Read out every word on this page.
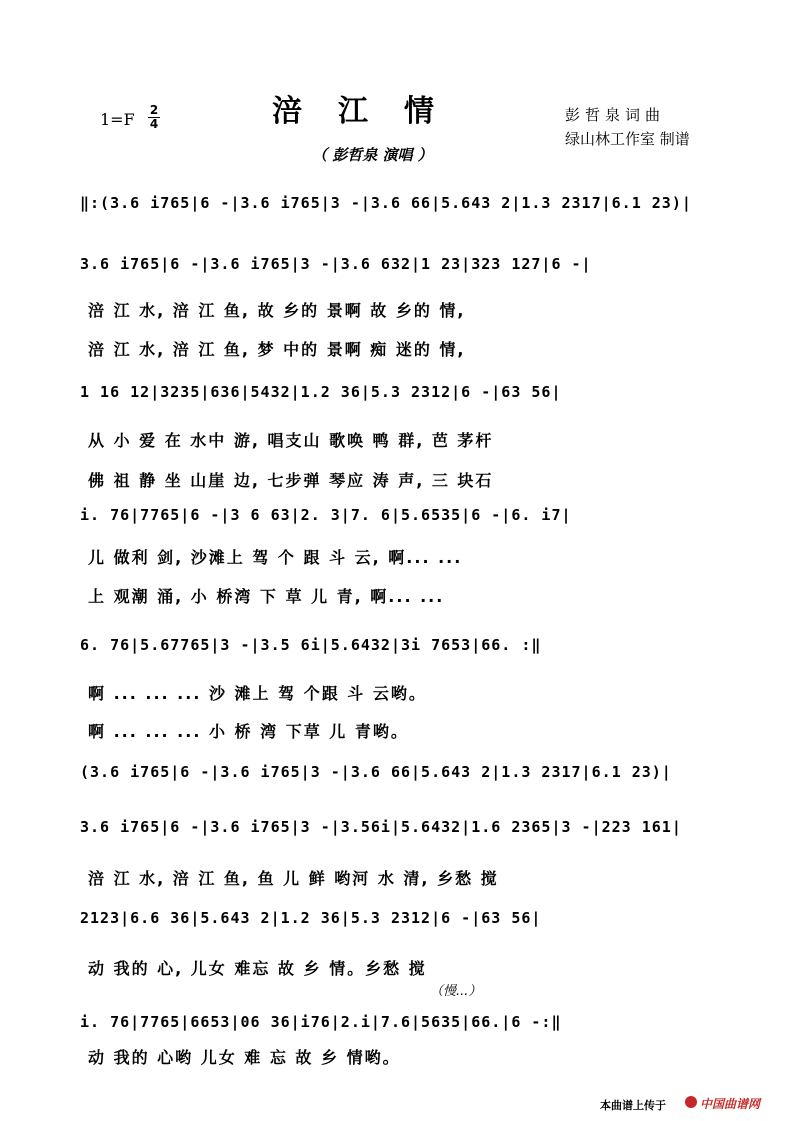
1=F 2
4	涪江情	彭哲泉词曲
绿山林工作室 制谱
（ 彭哲泉 演唱 ）
‖:(3.6 i765|6 -|3.6 i765|3 -|3.6 66|5.643 2|1.3 2317|6.1 23)|
3.6 i765|6 -|3.6 i765|3 -|3.6 632|1 23|323 127|6 -|
涪 江 水, 涪 江 鱼, 故 乡的 景啊 故 乡的 情,
涪 江 水, 涪 江 鱼, 梦 中的 景啊 痴 迷的 情,
1 16 12|3235|636|5432|1.2 36|5.3 2312|6 -|63 56|
从 小 爱 在 水中 游, 唱支山 歌唤 鸭 群, 芭 茅杆
佛 祖 静 坐 山崖 边, 七步弹 琴应 涛 声, 三 块石
i. 76|7765|6 -|3 6 63|2. 3|7. 6|5.6535|6 -|6. i7|
儿 做利 剑, 沙滩上 驾 个 跟 斗 云, 啊... ...
上 观潮 涌, 小 桥湾 下 草 儿 青, 啊... ...
6. 76|5.67765|3 -|3.5 6i|5.6432|3i 7653|66. :‖
啊 ... ... ... 沙 滩上 驾 个跟 斗 云哟。
啊 ... ... ... 小 桥 湾 下草 儿 青哟。
(3.6 i765|6 -|3.6 i765|3 -|3.6 66|5.643 2|1.3 2317|6.1 23)|
3.6 i765|6 -|3.6 i765|3 -|3.56i|5.6432|1.6 2365|3 -|223 161|
涪 江 水, 涪 江 鱼, 鱼 儿 鲜 哟河 水 清, 乡愁 搅
2123|6.6 36|5.643 2|1.2 36|5.3 2312|6 -|63 56|
动 我的 心, 儿女 难忘 故 乡 情。乡愁 搅
（慢...）
i. 76|7765|6653|06 36|i76|2.i|7.6|5635|66.|6 -:‖
动 我的 心哟 儿女 难 忘 故 乡 情哟。
本曲谱上传于	中国曲谱网
